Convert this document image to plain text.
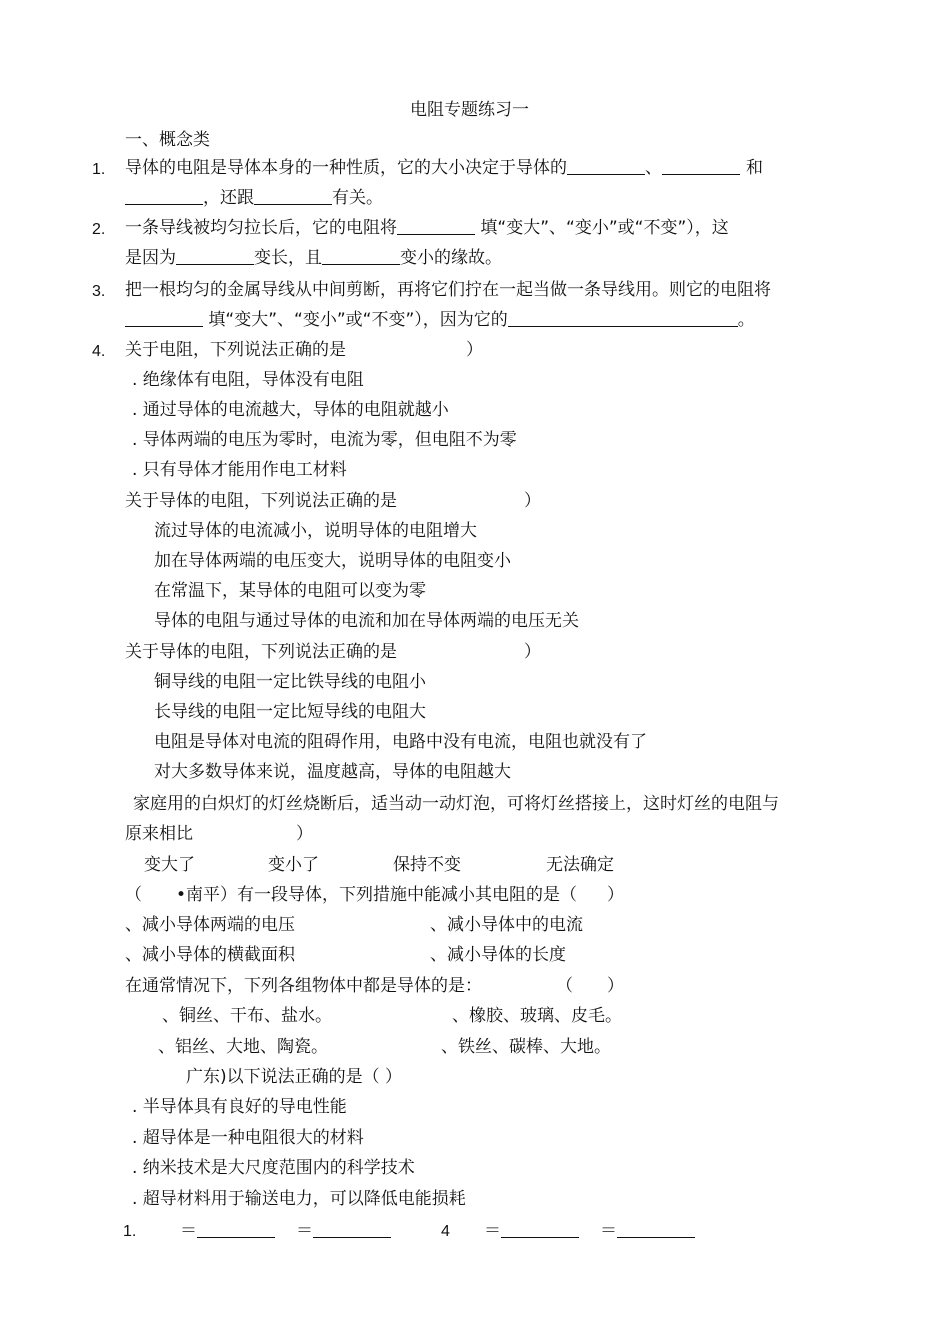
电阻专题练习一
一、概念类
1. 导体的电阻是导体本身的一种性质，它的大小决定于导体的	、	和
，还跟	有关。
2. 一条导线被均匀拉长后，它的电阻将	填“变大”、“变小”或“不变”），这
是因为	变长，且	变小的缘故。
3. 把一根均匀的金属导线从中间剪断，再将它们拧在一起当做一条导线用。则它的电阻将
填“变大”、“变小”或“不变”），因为它的	。
4. 关于电阻，下列说法正确的是	）
. 绝缘体有电阻，导体没有电阻
. 通过导体的电流越大，导体的电阻就越小
. 导体两端的电压为零时，电流为零，但电阻不为零
. 只有导体才能用作电工材料
关于导体的电阻，下列说法正确的是	）
流过导体的电流减小，说明导体的电阻增大
加在导体两端的电压变大，说明导体的电阻变小
在常温下，某导体的电阻可以变为零
导体的电阻与通过导体的电流和加在导体两端的电压无关
关于导体的电阻，下列说法正确的是	）
铜导线的电阻一定比铁导线的电阻小
长导线的电阻一定比短导线的电阻大
电阻是导体对电流的阻碍作用，电路中没有电流，电阻也就没有了
对大多数导体来说，温度越高，导体的电阻越大
家庭用的白炽灯的灯丝烧断后，适当动一动灯泡，可将灯丝搭接上，这时灯丝的电阻与
原来相比	）
变大了	变小了	保持不变	无法确定
（ •南平）有一段导体，下列措施中能减小其电阻的是（ ）
、减小导体两端的电压	、减小导体中的电流
、减小导体的横截面积	、减小导体的长度
在通常情况下，下列各组物体中都是导体的是：	（　　）
、铜丝、干布、盐水。	、橡胶、玻璃、皮毛。
、铝丝、大地、陶瓷。	、铁丝、碳棒、大地。
广东)以下说法正确的是（ ）
. 半导体具有良好的导电性能
. 超导体是一种电阻很大的材料
. 纳米技术是大尺度范围内的科学技术
. 超导材料用于输送电力，可以降低电能损耗
1.	＝	＝	4 ＝	＝
